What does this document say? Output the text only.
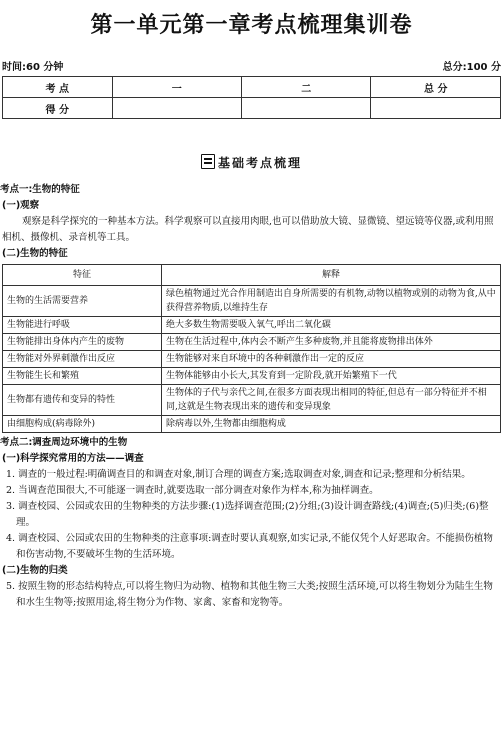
第一单元第一章考点梳理集训卷
时间:60 分钟	总分:100 分
考 点	一	二	总 分
得 分			
基础考点梳理
考点一:生物的特征
(一)观察
观察是科学探究的一种基本方法。科学观察可以直接用肉眼,也可以借助放大镜、显微镜、望远镜等仪器,或利用照相机、摄像机、录音机等工具。
(二)生物的特征
特征	解释
生物的生活需要营养	绿色植物通过光合作用制造出自身所需要的有机物,动物以植物或别的动物为食,从中获得营养物质,以维持生存
生物能进行呼吸	绝大多数生物需要吸入氧气,呼出二氧化碳
生物能排出身体内产生的废物	生物在生活过程中,体内会不断产生多种废物,并且能将废物排出体外
生物能对外界刺激作出反应	生物能够对来自环境中的各种刺激作出一定的反应
生物能生长和繁殖	生物体能够由小长大,其发育到一定阶段,就开始繁殖下一代
生物都有遗传和变异的特性	生物体的子代与亲代之间,在很多方面表现出相同的特征,但总有一部分特征并不相同,这就是生物表现出来的遗传和变异现象
由细胞构成(病毒除外)	除病毒以外,生物都由细胞构成
考点二:调查周边环境中的生物
(一)科学探究常用的方法——调查
1. 调查的一般过程:明确调查目的和调查对象,制订合理的调查方案;选取调查对象,调查和记录;整理和分析结果。
2. 当调查范围很大,不可能逐一调查时,就要选取一部分调查对象作为样本,称为抽样调查。
3. 调查校园、公园或农田的生物种类的方法步骤:(1)选择调查范围;(2)分组;(3)设计调查路线;(4)调查;(5)归类;(6)整理。
4. 调查校园、公园或农田的生物种类的注意事项:调查时要认真观察,如实记录,不能仅凭个人好恶取舍。不能损伤植物和伤害动物,不要破坏生物的生活环境。
(二)生物的归类
5. 按照生物的形态结构特点,可以将生物归为动物、植物和其他生物三大类;按照生活环境,可以将生物划分为陆生生物和水生生物等;按照用途,将生物分为作物、家禽、家畜和宠物等。
